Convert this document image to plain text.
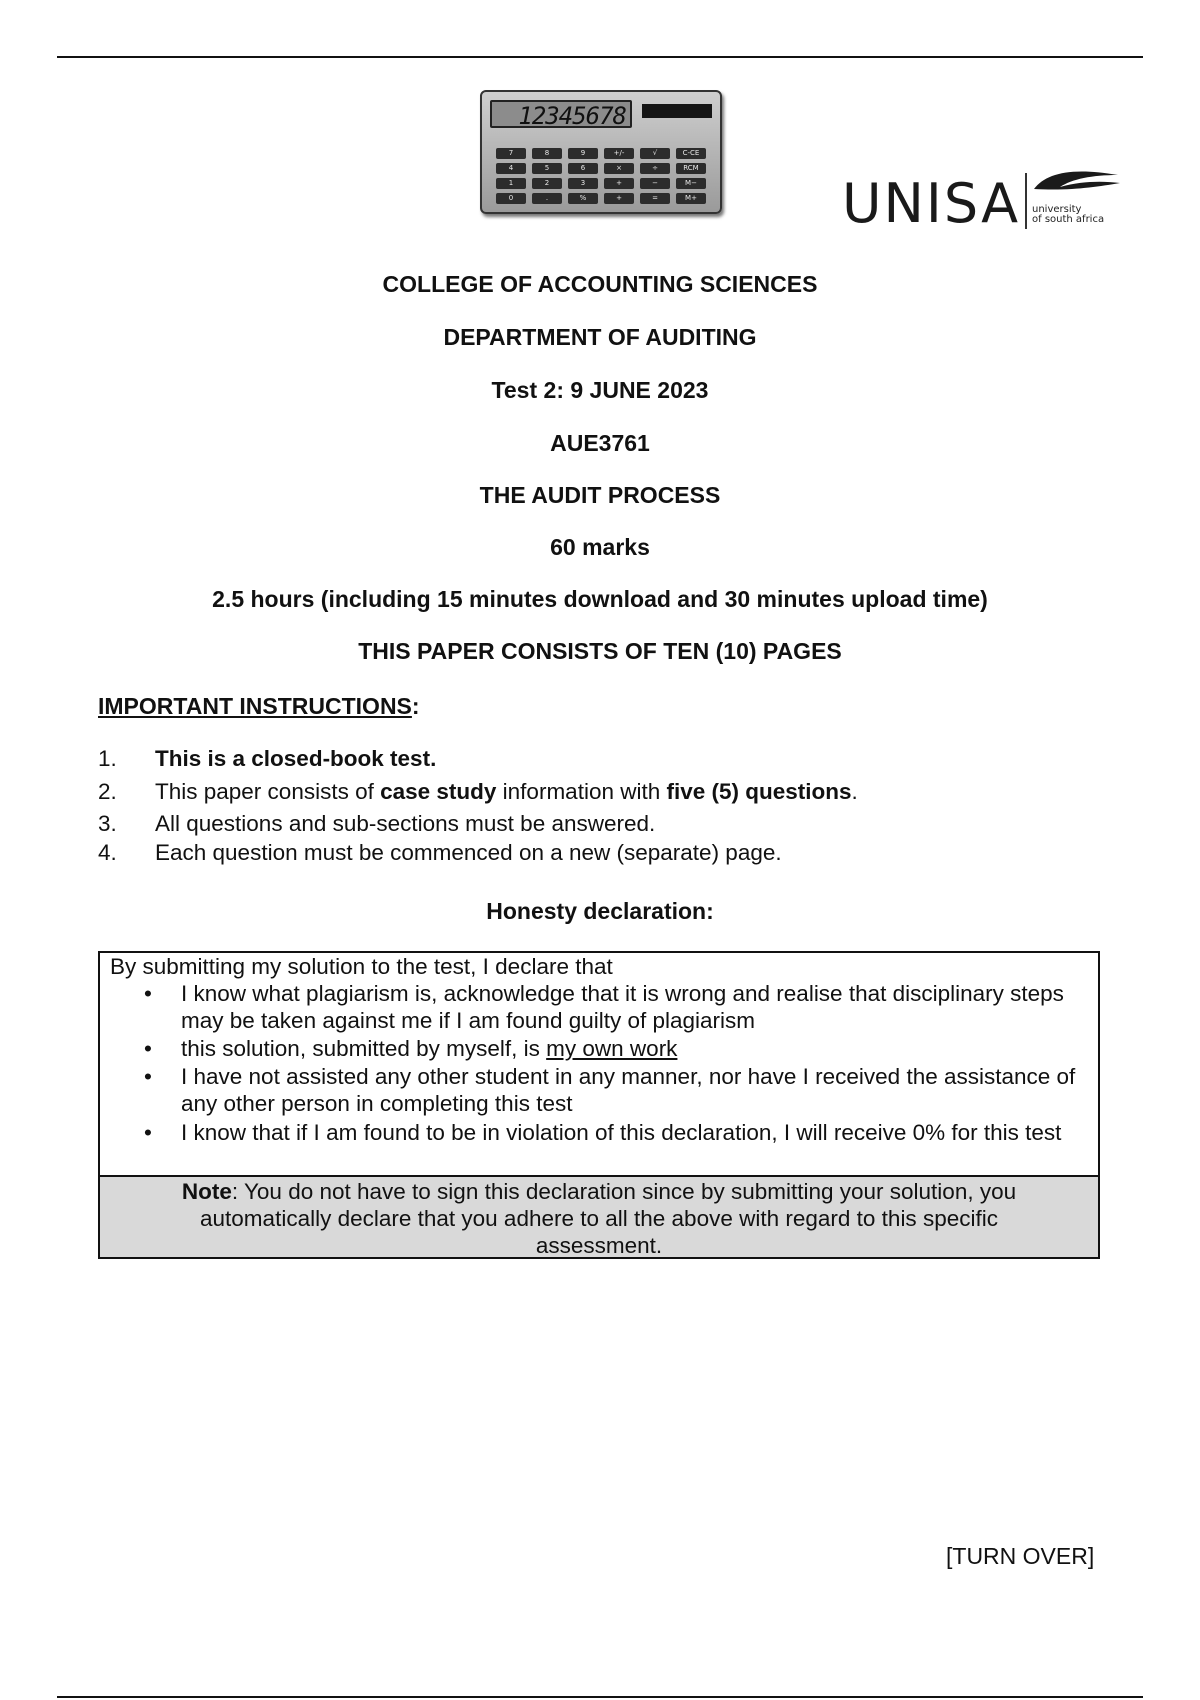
12345678
7	8	9	+/-	√	C-CE
4	5	6	×	÷	RCM
1	2	3	+	−	M−
0	.	%	+	=	M+	UNISA university
of south africa
COLLEGE OF ACCOUNTING SCIENCES
DEPARTMENT OF AUDITING
Test 2: 9 JUNE 2023
AUE3761
THE AUDIT PROCESS
60 marks
2.5 hours (including 15 minutes download and 30 minutes upload time)
THIS PAPER CONSISTS OF TEN (10) PAGES
IMPORTANT INSTRUCTIONS:
1. This is a closed-book test.
2. This paper consists of case study information with five (5) questions.
3. All questions and sub-sections must be answered.
4. Each question must be commenced on a new (separate) page.
Honesty declaration:
By submitting my solution to the test, I declare that
• I know what plagiarism is, acknowledge that it is wrong and realise that disciplinary steps may be taken against me if I am found guilty of plagiarism
• this solution, submitted by myself, is my own work
• I have not assisted any other student in any manner, nor have I received the assistance of any other person in completing this test
• I know that if I am found to be in violation of this declaration, I will receive 0% for this test
Note: You do not have to sign this declaration since by submitting your solution, you automatically declare that you adhere to all the above with regard to this specific assessment.
[TURN OVER]
